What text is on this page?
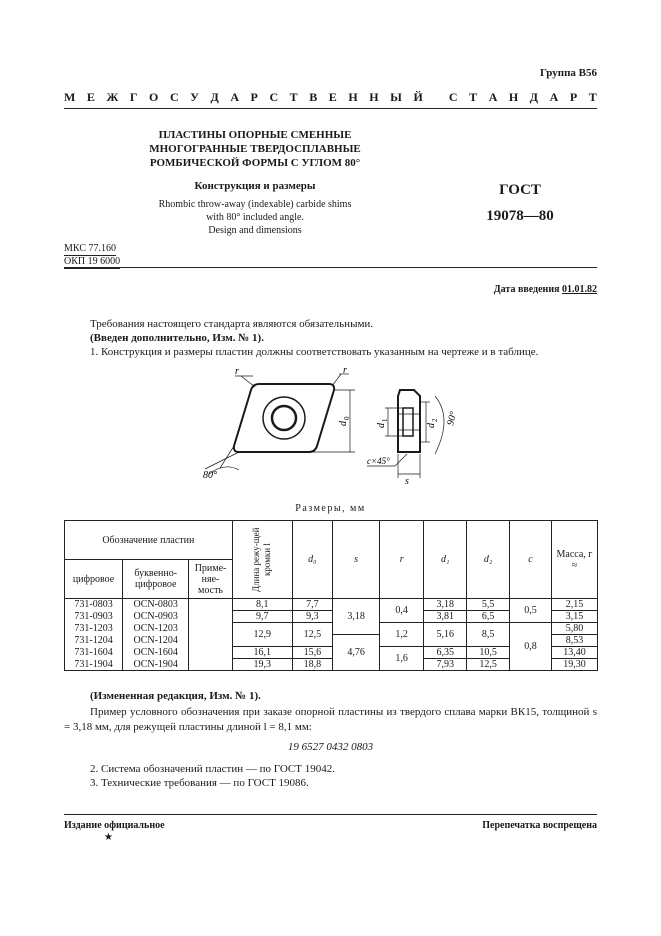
Группа В56
М Е Ж Г О С У Д А Р С Т В Е Н Н Ы Й
С Т А Н Д А Р Т
ПЛАСТИНЫ ОПОРНЫЕ СМЕННЫЕ
МНОГОГРАННЫЕ ТВЕРДОСПЛАВНЫЕ
РОМБИЧЕСКОЙ ФОРМЫ С УГЛОМ 80°
Конструкция и размеры
Rhombic throw-away (indexable) carbide shims
with 80° included angle.
Design and dimensions
ГОСТ
19078—80
МКС 77.160
ОКП 19 6000
Дата введения 01.01.82
Требования настоящего стандарта являются обязательными.
(Введен дополнительно, Изм. № 1).
1. Конструкция и размеры пластин должны соответствовать указанным на чертеже и в таблице.
r	r
d
0
d
1
d
2 90°
80°
c×45°
s
Размеры, мм
Обозначение пластин			Длина режу-щей кромки l	d₀	s	r	d₁	d₂	c	Масса, г ≈
цифровое	буквенно-цифровое	Приме-няе-мость								
731-0803	OCN-0803		8,1	7,7	3,18	0,4	3,18	5,5	0,5	2,15
731-0903	OCN-0903		9,7	9,3			3,81	6,5		3,15
731-1203	OCN-1203		12,9	12,5		1,2	5,16	8,5	0,8	5,80
731-1204	OCN-1204				4,76					8,53
731-1604	OCN-1604		16,1	15,6		1,6	6,35	10,5		13,40
731-1904	OCN-1904		19,3	18,8			7,93	12,5		19,30
(Измененная редакция, Изм. № 1).
Пример условного обозначения при заказе опорной пластины из твердого сплава марки ВК15, толщиной s = 3,18 мм, для режущей пластины длиной l = 8,1 мм:
19 6527 0432 0803
2. Система обозначений пластин — по ГОСТ 19042.
3. Технические требования — по ГОСТ 19086.
Издание официальное	Перепечатка воспрещена
★
